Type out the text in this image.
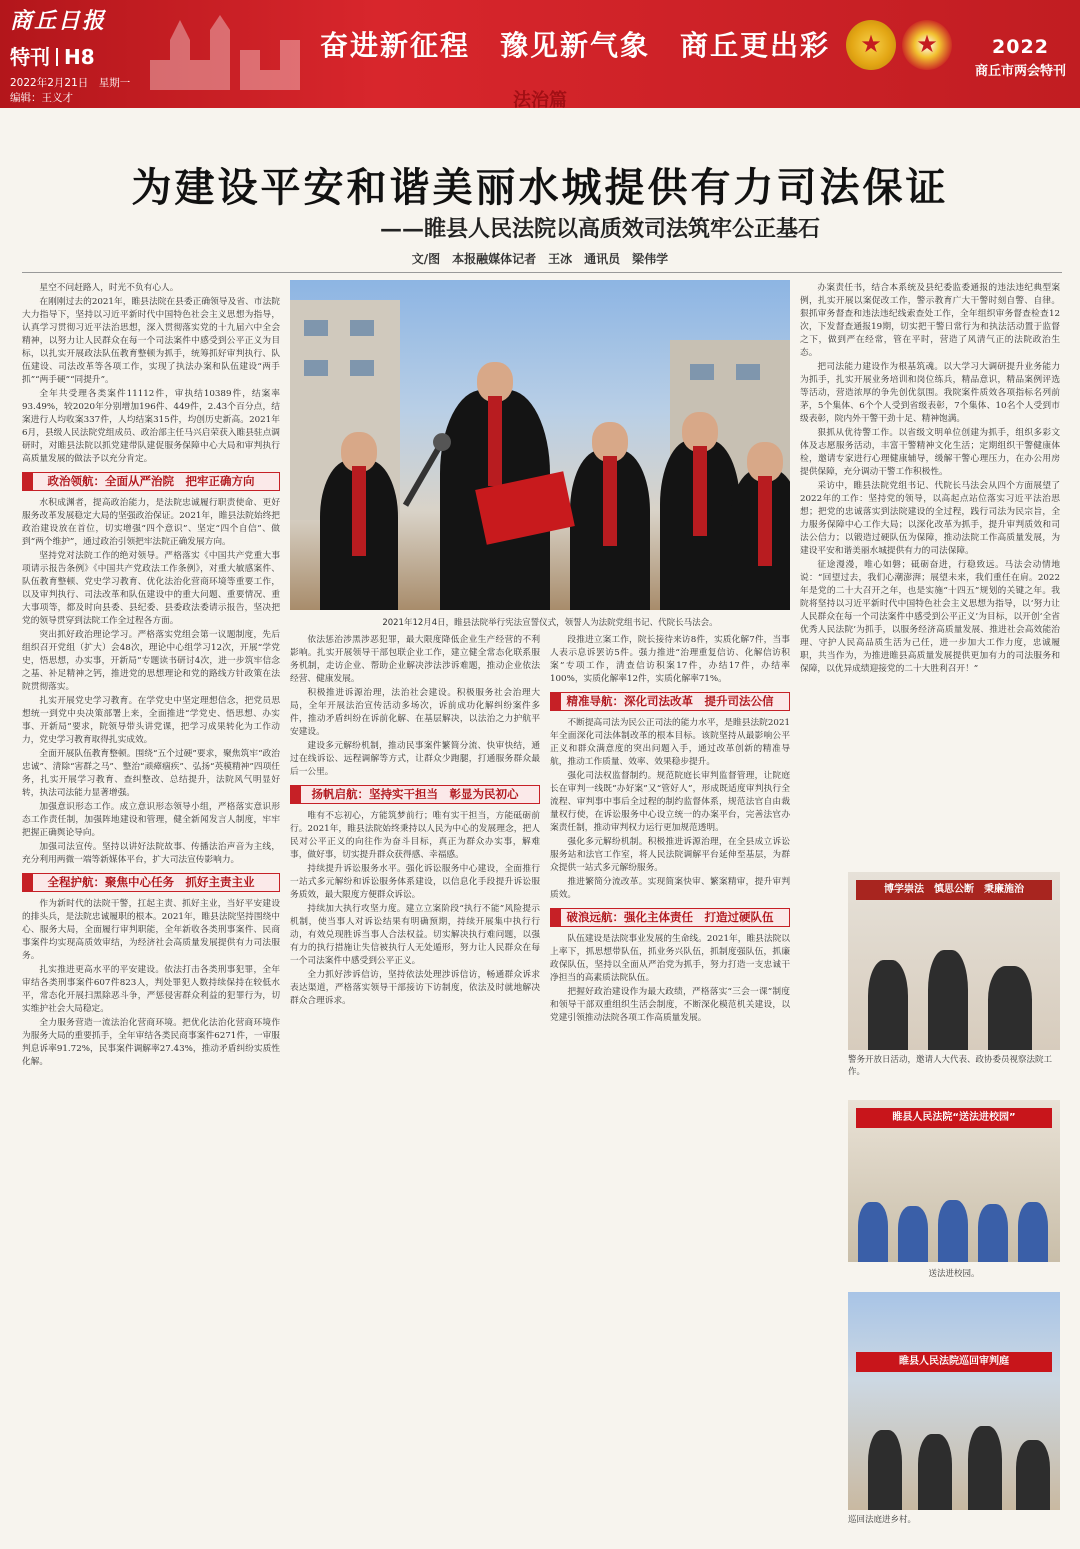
商丘日报
特刊 H8
2022年2月21日　星期一
编辑：王义才
奋进新征程　豫见新气象　商丘更出彩	★	★	2022
商丘市两会特刊
法治篇
为建设平安和谐美丽水城提供有力司法保证
——睢县人民法院以高质效司法筑牢公正基石
文/图　本报融媒体记者　王冰　通讯员　梁伟学

星空不问赶路人，时光不负有心人。

在刚刚过去的2021年，睢县法院在县委正确领导及省、市法院大力指导下，坚持以习近平新时代中国特色社会主义思想为指导，认真学习贯彻习近平法治思想，深入贯彻落实党的十九届六中全会精神，以努力让人民群众在每一个司法案件中感受到公平正义为目标，以扎实开展政法队伍教育整顿为抓手，统筹抓好审判执行、队伍建设、司法改革等各项工作，实现了执法办案和队伍建设“两手抓”“两手硬”“同提升”。

全年共受理各类案件11112件，审执结10389件，结案率93.49%，较2020年分别增加196件、449件，2.43个百分点，结案进行人均收案337件，人均结案315件，均创历史新高。2021年6月，县级人民法院党组成员、政治部主任马兴启荣获入睢县驻点调研时，对睢县法院以抓党建带队建促服务保障中心大局和审判执行高质量发展的做法予以充分肯定。

政治领航：全面从严治院　把牢正确方向

水积成渊者，提高政治能力，是法院忠诚履行职责使命、更好服务改革发展稳定大局的坚强政治保证。2021年，睢县法院始终把政治建设放在首位，切实增强“四个意识”、坚定“四个自信”、做到“两个维护”，通过政治引领把牢法院正确发展方向。

坚持党对法院工作的绝对领导。严格落实《中国共产党重大事项请示报告条例》《中国共产党政法工作条例》，对重大敏感案件、队伍教育整顿、党史学习教育、优化法治化营商环境等重要工作，以及审判执行、司法改革和队伍建设中的重大问题、重要情况、重大事项等，都及时向县委、县纪委、县委政法委请示报告，坚决把党的领导贯穿到法院工作全过程各方面。

突出抓好政治理论学习。严格落实党组会第一议题制度，先后组织召开党组（扩大）会48次，理论中心组学习12次，开展“学党史，悟思想，办实事，开新局”专题读书研讨4次，进一步筑牢信念之基、补足精神之钙，推进党的思想理论和党的路线方针政策在法院贯彻落实。

扎实开展党史学习教育。在学党史中坚定理想信念，把党员思想统一到党中央决策部署上来，全面推进“学党史、悟思想、办实事、开新局”要求，院领导带头讲党课，把学习成果转化为工作动力，党史学习教育取得扎实成效。

全面开展队伍教育整顿。围绕“五个过硬”要求，聚焦筑牢“政治忠诚”、清除“害群之马”、整治“顽瘴痼疾”、弘扬“英模精神”四项任务，扎实开展学习教育、查纠整改、总结提升，法院风气明显好转，执法司法能力显著增强。

加强意识形态工作。成立意识形态领导小组，严格落实意识形态工作责任制，加强阵地建设和管理，健全新闻发言人制度，牢牢把握正确舆论导向。

加强司法宣传。坚持以讲好法院故事、传播法治声音为主线，充分利用两微一端等新媒体平台，扩大司法宣传影响力。

全程护航：聚焦中心任务　抓好主责主业

作为新时代的法院干警，扛起主责、抓好主业，当好平安建设的排头兵，是法院忠诚履职的根本。2021年，睢县法院坚持围绕中心、服务大局，全面履行审判职能，全年新收各类刑事案件、民商事案件均实现高质效审结，为经济社会高质量发展提供有力司法服务。

扎实推进更高水平的平安建设。依法打击各类刑事犯罪，全年审结各类刑事案件607件823人，判处罪犯人数持续保持在较低水平，常态化开展扫黑除恶斗争，严惩侵害群众利益的犯罪行为，切实维护社会大局稳定。

全力服务营造一流法治化营商环境。把优化法治化营商环境作为服务大局的重要抓手，全年审结各类民商事案件6271件，一审服判息诉率91.72%，民事案件调解率27.43%，推动矛盾纠纷实质性化解。

2021年12月4日，睢县法院举行宪法宣誓仪式，领誓人为法院党组书记、代院长马法会。

依法惩治涉黑涉恶犯罪，最大限度降低企业生产经营的不利影响。扎实开展领导干部包联企业工作，建立健全常态化联系服务机制，走访企业、帮助企业解决涉法涉诉难题，推动企业依法经营、健康发展。

积极推进诉源治理，法治社会建设。积极服务社会治理大局，全年开展法治宣传活动多场次，诉前成功化解纠纷案件多件，推动矛盾纠纷在诉前化解、在基层解决，以法治之力护航平安建设。

建设多元解纷机制，推动民事案件繁简分流、快审快结，通过在线诉讼、远程调解等方式，让群众少跑腿，打通服务群众最后一公里。

扬帆启航：坚持实干担当　彰显为民初心

唯有不忘初心，方能筑梦前行；唯有实干担当，方能砥砺前行。2021年，睢县法院始终秉持以人民为中心的发展理念，把人民对公平正义的向往作为奋斗目标，真正为群众办实事，解难事，做好事，切实提升群众获得感、幸福感。

持续提升诉讼服务水平。强化诉讼服务中心建设，全面推行一站式多元解纷和诉讼服务体系建设，以信息化手段提升诉讼服务质效，最大限度方便群众诉讼。

持续加大执行攻坚力度。建立立案阶段“执行不能”风险提示机制，使当事人对诉讼结果有明确预期，持续开展集中执行行动，有效兑现胜诉当事人合法权益。切实解决执行难问题，以强有力的执行措施让失信被执行人无处遁形，努力让人民群众在每一个司法案件中感受到公平正义。

全力抓好涉诉信访，坚持依法处理涉诉信访，畅通群众诉求表达渠道，严格落实领导干部接访下访制度，依法及时就地解决群众合理诉求。

段推进立案工作，院长接待来访8件，实质化解7件，当事人表示息诉罢访5件。强力推进“治理重复信访、化解信访积案”专项工作，清查信访积案17件，办结17件，办结率100%，实质化解率12件，实质化解率71%。

精准导航：深化司法改革　提升司法公信

不断提高司法为民公正司法的能力水平，是睢县法院2021年全面深化司法体制改革的根本目标。该院坚持从最影响公平正义和群众满意度的突出问题入手，通过改革创新的精准导航，推动工作质量、效率、效果稳步提升。

强化司法权监督制约。规范院庭长审判监督管理，让院庭长在审判一线既“办好案”又“管好人”，形成既适度审判执行全流程、审判事中事后全过程的制约监督体系，规范法官自由裁量权行使，在诉讼服务中心设立统一的办案平台，完善法官办案责任制，推动审判权力运行更加规范透明。

强化多元解纷机制。积极推进诉源治理，在全县成立诉讼服务站和法官工作室，将人民法院调解平台延伸至基层，为群众提供一站式多元解纷服务。

推进繁简分流改革。实现简案快审、繁案精审，提升审判质效。

破浪远航：强化主体责任　打造过硬队伍

队伍建设是法院事业发展的生命线。2021年，睢县法院以上率下，抓思想带队伍，抓业务兴队伍，抓制度强队伍，抓廉政保队伍，坚持以全面从严治党为抓手，努力打造一支忠诚干净担当的高素质法院队伍。

把握好政治建设作为最大政绩，严格落实“三会一课”制度和领导干部双重组织生活会制度，不断深化模范机关建设，以党建引领推动法院各项工作高质量发展。

办案责任书，结合本系统及县纪委监委通报的违法违纪典型案例，扎实开展以案促改工作，警示教育广大干警时刻自警、自律。狠抓审务督查和违法违纪线索查处工作，全年组织审务督查检查12次，下发督查通报19期，切实把干警日常行为和执法活动置于监督之下，做到严在经常，管在平时，营造了风清气正的法院政治生态。

把司法能力建设作为根基筑魂。以大学习大调研提升业务能力为抓手，扎实开展业务培训和岗位练兵，精品意识，精品案例评选等活动，营造浓厚的争先创优氛围。我院案件质效各项指标名列前茅，5个集体、6个个人受到省级表彰，7个集体、10名个人受到市级表彰，院内外干警干劲十足、精神饱满。

狠抓从优待警工作。以省级文明单位创建为抓手，组织多彩文体及志愿服务活动，丰富干警精神文化生活；定期组织干警健康体检，邀请专家进行心理健康辅导，缓解干警心理压力，在办公用房提供保障，充分调动干警工作积极性。

采访中，睢县法院党组书记、代院长马法会从四个方面展望了2022年的工作：坚持党的领导，以高起点站位落实习近平法治思想；把党的忠诚落实到法院建设的全过程，践行司法为民宗旨，全力服务保障中心工作大局；以深化改革为抓手，提升审判质效和司法公信力；以锻造过硬队伍为保障，推动法院工作高质量发展，为建设平安和谐美丽水城提供有力的司法保障。

征途漫漫，唯心如磐；砥砺奋进，行稳致远。马法会动情地说：“回望过去，我们心潮澎湃；展望未来，我们重任在肩。2022年是党的二十大召开之年，也是实施“十四五”规划的关键之年。我院将坚持以习近平新时代中国特色社会主义思想为指导，以‘努力让人民群众在每一个司法案件中感受到公平正义’为目标，以开创‘全省优秀人民法院’为抓手，以服务经济高质量发展、推进社会高效能治理、守护人民高品质生活为己任，进一步加大工作力度，忠诚履职，共当作为，为推进睢县高质量发展提供更加有力的司法服务和保障，以优异成绩迎接党的二十大胜利召开！”

博学崇法　慎思公断　秉廉施治
警务开放日活动，邀请人大代表、政协委员视察法院工作。
睢县人民法院“送法进校园”
送法进校园。
睢县人民法院巡回审判庭
巡回法庭进乡村。
